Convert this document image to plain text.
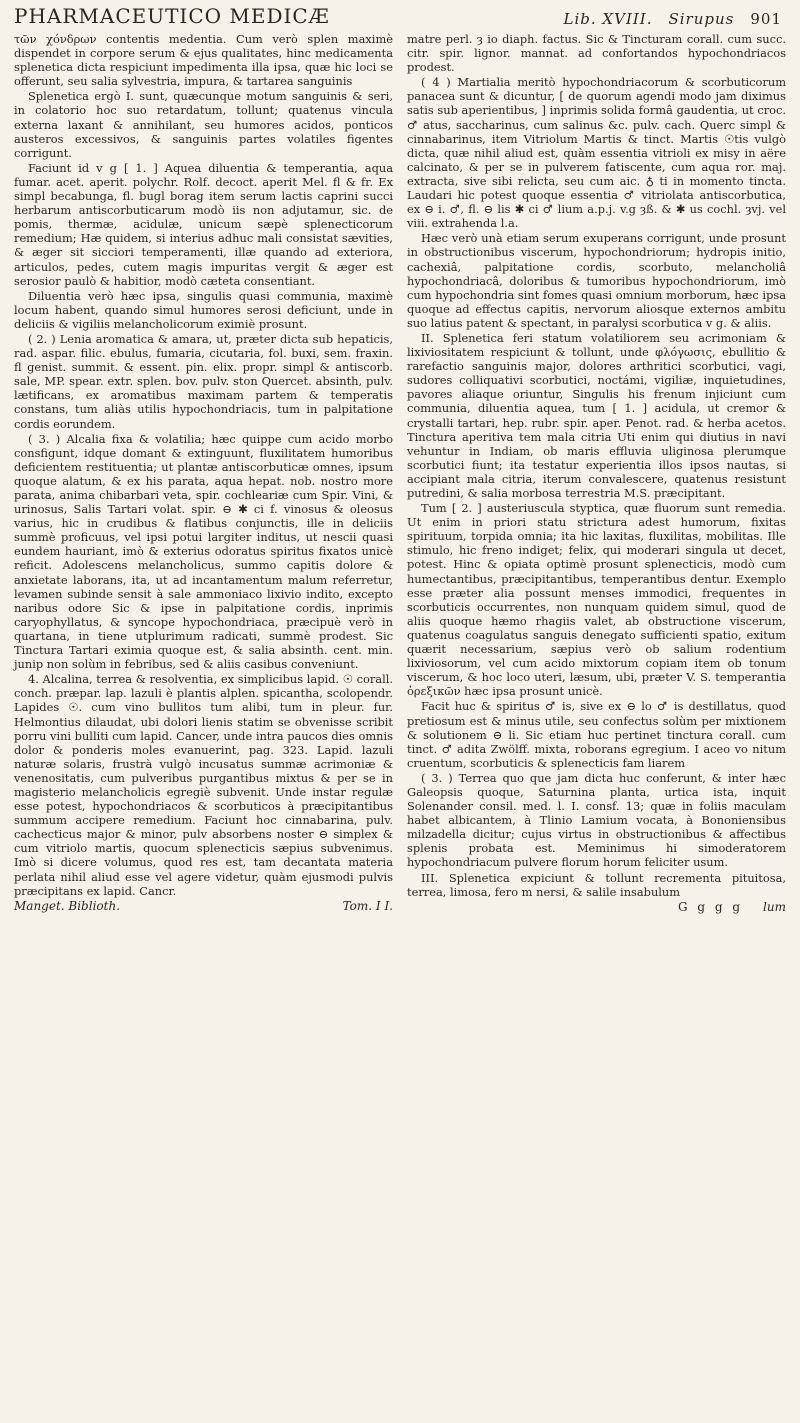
PHARMACEUTICO MEDICÆ	Lib. XVIII. Sirupus 901

τῶν χόνδρων contentis medentia. Cum verò splen maximè dispendet in corpore serum & ejus qualitates, hinc medicamenta splenetica dicta respiciunt impedimenta illa ipsa, quæ hic loci se offerunt, seu salia sylvestria, impura, & tartarea sanguinis

Splenetica ergò I. sunt, quæcunque motum sanguinis & seri, in colatorio hoc suo retardatum, tollunt; quatenus vincula externa laxant & annihilant, seu humores acidos, ponticos austeros excessivos, & sanguinis partes volatiles figentes corrigunt.

Faciunt id v g [ 1. ] Aquea diluentia & temperantia, aqua fumar. acet. aperit. polychr. Rolf. decoct. aperit Mel. fl & fr. Ex simpl becabunga, fl. bugl borag item serum lactis caprini succi herbarum antiscorbuticarum modò iis non adjutamur, sic. de pomis, thermæ, acidulæ, unicum sæpè splenecticorum remedium; Hæ quidem, si interius adhuc mali consistat sævities, & æger sit sicciori temperamenti, illæ quando ad exteriora, articulos, pedes, cutem magis impuritas vergit & æger est serosior paulò & habitior, modò cæteta consentiant.

Diluentia verò hæc ipsa, singulis quasi communia, maximè locum habent, quando simul humores serosi deficiunt, unde in deliciis & vigiliis melancholicorum eximiè prosunt.

( 2. ) Lenia aromatica & amara, ut, præter dicta sub hepaticis, rad. aspar. filic. ebulus, fumaria, cicutaria, fol. buxi, sem. fraxin. fl genist. summit. & essent. pin. elix. propr. simpl & antiscorb. sale, MP. spear. extr. splen. bov. pulv. ston Quercet. absinth, pulv. lætificans, ex aromatibus maximam partem & temperatis constans, tum aliàs utilis hypochondriacis, tum in palpitatione cordis eorundem.

( 3. ) Alcalia fixa & volatilia; hæc quippe cum acido morbo consfigunt, idque domant & extinguunt, fluxilitatem humoribus deficientem restituentia; ut plantæ antiscorbuticæ omnes, ipsum quoque alatum, & ex his parata, aqua hepat. nob. nostro more parata, anima chibarbari veta, spir. cochleariæ cum Spir. Vini, & urinosus, Salis Tartari volat. spir. ⊖ ✱ ci f. vinosus & oleosus varius, hic in crudibus & flatibus conjunctis, ille in deliciis summè proficuus, vel ipsi potui largiter inditus, ut nescii quasi eundem hauriant, imò & exterius odoratus spiritus fixatos unicè reficit. Adolescens melancholicus, summo capitis dolore & anxietate laborans, ita, ut ad incantamentum malum referretur, levamen subinde sensit à sale ammoniaco lixivio indito, excepto naribus odore Sic & ipse in palpitatione cordis, inprimis caryophyllatus, & syncope hypochondriaca, præcipuè verò in quartana, in tiene utplurimum radicati, summè prodest. Sic Tinctura Tartari eximia quoque est, & salia absinth. cent. min. junip non solùm in febribus, sed & aliis casibus conveniunt.

4. Alcalina, terrea & resolventia, ex simplicibus lapid. ☉ corall. conch. præpar. lap. lazuli è plantis alplen. spicantha, scolopendr. Lapides ☉. cum vino bullitos tum alibi, tum in pleur. fur. Helmontius dilaudat, ubi dolori lienis statim se obvenisse scribit porru vini bulliti cum lapid. Cancer, unde intra paucos dies omnis dolor & ponderis moles evanuerint, pag. 323. Lapid. lazuli naturæ solaris, frustrà vulgò incusatus summæ acrimoniæ & venenositatis, cum pulveribus purgantibus mixtus & per se in magisterio melancholicis egregiè subvenit. Unde instar regulæ esse potest, hypochondriacos & scorbuticos à præcipitantibus summum accipere remedium. Faciunt hoc cinnabarina, pulv. cachecticus major & minor, pulv absorbens noster ⊖ simplex & cum vitriolo martis, quocum splenecticis sæpius subvenimus. Imò si dicere volumus, quod res est, tam decantata materia perlata nihil aliud esse vel agere videtur, quàm ejusmodi pulvis præcipitans ex lapid. Cancr.

Manget. Biblioth.	Tom. I I.

matre perl. ȝ io diaph. factus. Sic & Tincturam corall. cum succ. citr. spir. lignor. mannat. ad confortandos hypochondriacos prodest.

( 4 ) Martialia meritò hypochondriacorum & scorbuticorum panacea sunt & dicuntur, [ de quorum agendi modo jam diximus satis sub aperientibus, ] inprimis solida formâ gaudentia, ut croc. ♂ atus, saccharinus, cum salinus &c. pulv. cach. Querc simpl & cinnabarinus, item Vitriolum Martis & tinct. Martis ☉tis vulgò dicta, quæ nihil aliud est, quàm essentia vitrioli ex misy in aëre calcinato, & per se in pulverem fatiscente, cum aqua ror. maj. extracta, sive sibi relicta, seu cum aic. ♁ ti in momento tincta. Laudari hic potest quoque essentia ♂ vitriolata antiscorbutica, ex ⊖ i. ♂, fl. ⊖ lis ✱ ci ♂ lium a.p.j. v.g ȝß. & ✱ us cochl. ȝvj. vel viii. extrahenda l.a.

Hæc verò unà etiam serum exuperans corrigunt, unde prosunt in obstructionibus viscerum, hypochondriorum; hydropis initio, cachexiâ, palpitatione cordis, scorbuto, melancholiâ hypochondriacâ, doloribus & tumoribus hypochondriorum, imò cum hypochondria sint fomes quasi omnium morborum, hæc ipsa quoque ad effectus capitis, nervorum aliosque externos ambitu suo latius patent & spectant, in paralysi scorbutica v g. & aliis.

II. Splenetica feri statum volatiliorem seu acrimoniam & lixiviositatem respiciunt & tollunt, unde φλόγωσις, ebullitio & rarefactio sanguinis major, dolores arthritici scorbutici, vagi, sudores colliquativi scorbutici, noctámi, vigiliæ, inquietudines, pavores aliaque oriuntur, Singulis his frenum injiciunt cum communia, diluentia aquea, tum [ 1. ] acidula, ut cremor & crystalli tartari, hep. rubr. spir. aper. Penot. rad. & herba acetos. Tinctura aperitiva tem mala citria Uti enim qui diutius in navi vehuntur in Indiam, ob maris effluvia uliginosa plerumque scorbutici fiunt; ita testatur experientia illos ipsos nautas, si accipiant mala citria, iterum convalescere, quatenus resistunt putredini, & salia morbosa terrestria M.S. præcipitant.

Tum [ 2. ] austeriuscula styptica, quæ fluorum sunt remedia. Ut enim in priori statu strictura adest humorum, fixitas spirituum, torpida omnia; ita hic laxitas, fluxilitas, mobilitas. Ille stimulo, hic freno indiget; felix, qui moderari singula ut decet, potest. Hinc & opiata optimè prosunt splenecticis, modò cum humectantibus, præcipitantibus, temperantibus dentur. Exemplo esse præter alia possunt menses immodici, frequentes in scorbuticis occurrentes, non nunquam quidem simul, quod de aliis quoque hæmo rhagiis valet, ab obstructione viscerum, quatenus coagulatus sanguis denegato sufficienti spatio, exitum quærit necessarium, sæpius verò ob salium rodentium lixiviosorum, vel cum acido mixtorum copiam item ob tonum viscerum, & hoc loco uteri, læsum, ubi, præter V. S. temperantia ὀρεξικῶν hæc ipsa prosunt unicè.

Facit huc & spiritus ♂ is, sive ex ⊖ lo ♂ is destillatus, quod pretiosum est & minus utile, seu confectus solùm per mixtionem & solutionem ⊖ li. Sic etiam huc pertinet tinctura corall. cum tinct. ♂ adita Zwölff. mixta, roborans egregium. I aceo vo nitum cruentum, scorbuticis & splenecticis fam liarem

( 3. ) Terrea quo que jam dicta huc conferunt, & inter hæc Galeopsis quoque, Saturnina planta, urtica ista, inquit Solenander consil. med. l. I. consf. 13; quæ in foliis maculam habet albicantem, à Tlinio Lamium vocata, à Bononiensibus milzadella dicitur; cujus virtus in obstructionibus & affectibus splenis probata est. Meminimus hi simoderatorem hypochondriacum pulvere florum horum feliciter usum.

III. Splenetica expiciunt & tollunt recrementa pituitosa, terrea, limosa, fero m nersi, & salile insabulum

G g g g lum
